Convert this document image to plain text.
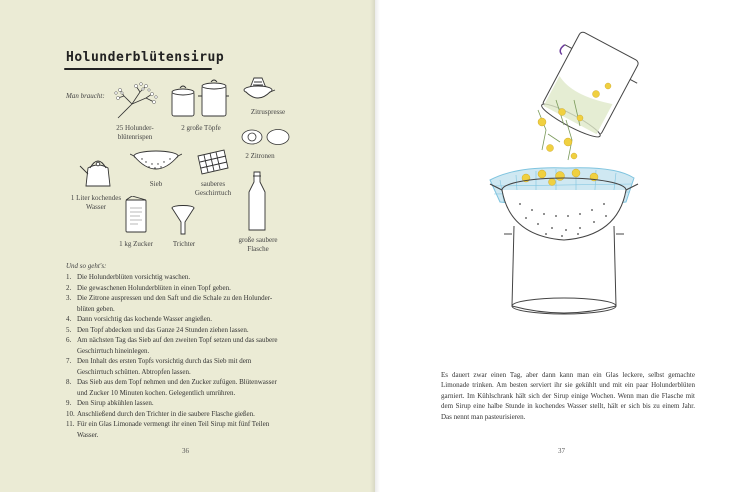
Holunderblütensirup
Man braucht:
25 Holunder-
blütenrispen
2 große Töpfe
Zitruspresse
2 Zitronen
1 Liter kochendes
Wasser
Sieb	sauberes
Geschirrtuch
1 kg Zucker	Trichter	große saubere
Flasche
Und so geht's:
1. Die Holunderblüten vorsichtig waschen.
2. Die gewaschenen Holunderblüten in einen Topf geben.
3. Die Zitrone auspressen und den Saft und die Schale zu den Holunder-
blüten geben.
4. Dann vorsichtig das kochende Wasser angießen.
5. Den Topf abdecken und das Ganze 24 Stunden ziehen lassen.
6. Am nächsten Tag das Sieb auf den zweiten Topf setzen und das saubere
Geschirrtuch hineinlegen.
7. Den Inhalt des ersten Topfs vorsichtig durch das Sieb mit dem
Geschirrtuch schütten. Abtropfen lassen.
8. Das Sieb aus dem Topf nehmen und den Zucker zufügen. Blütenwasser
und Zucker 10 Minuten kochen. Gelegentlich umrühren.
9. Den Sirup abkühlen lassen.
10. Anschließend durch den Trichter in die saubere Flasche gießen.
11. Für ein Glas Limonade vermengt ihr einen Teil Sirup mit fünf Teilen
Wasser.
36
Es dauert zwar einen Tag, aber dann kann man ein Glas leckere, selbst gemachte Limonade trinken. Am besten serviert ihr sie gekühlt und mit ein paar Holunderblüten garniert. Im Kühlschrank hält sich der Sirup einige Wochen. Wenn man die Flasche mit dem Sirup eine halbe Stunde in kochendes Wasser stellt, hält er sich bis zu einem Jahr. Das nennt man pasteurisieren.
37
